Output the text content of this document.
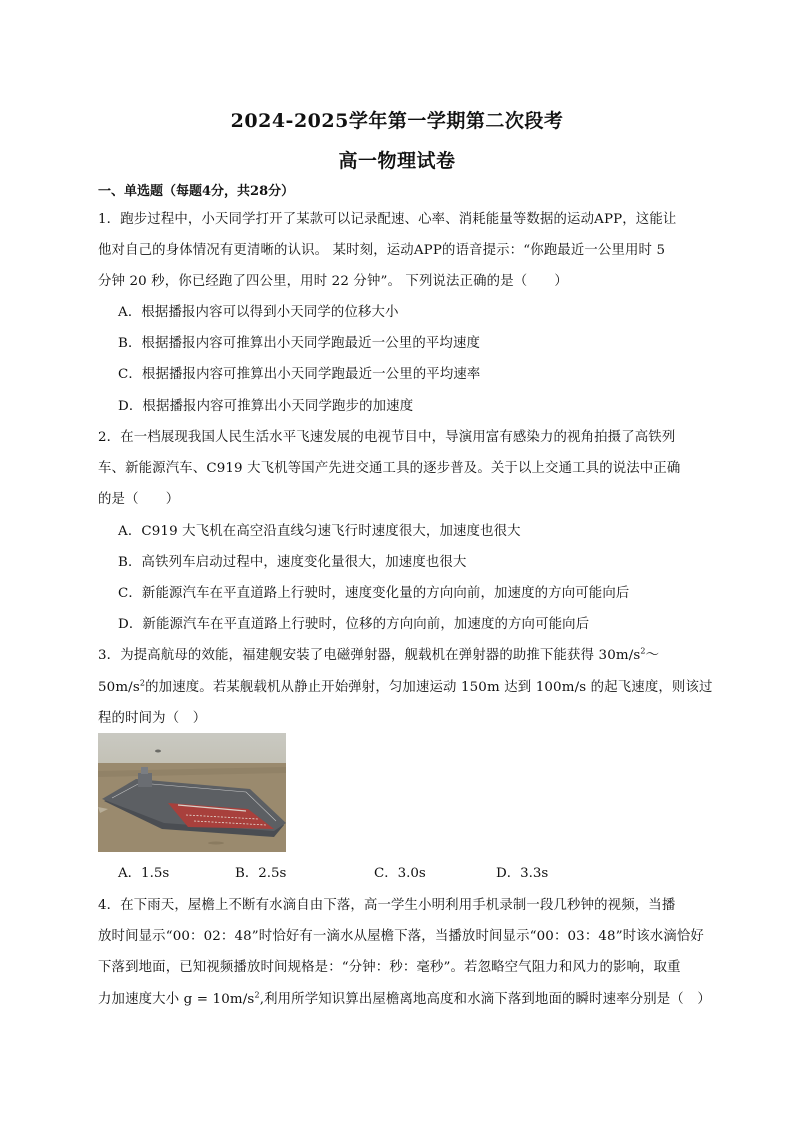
2024-2025学年第一学期第二次段考
高一物理试卷
一、单选题（每题4分，共28分）
1．跑步过程中，小天同学打开了某款可以记录配速、心率、消耗能量等数据的运动APP，这能让
他对自己的身体情况有更清晰的认识。 某时刻，运动APP的语音提示：“你跑最近一公里用时 5
分钟 20 秒，你已经跑了四公里，用时 22 分钟”。 下列说法正确的是（　　）
A．根据播报内容可以得到小天同学的位移大小
B．根据播报内容可推算出小天同学跑最近一公里的平均速度
C．根据播报内容可推算出小天同学跑最近一公里的平均速率
D．根据播报内容可推算出小天同学跑步的加速度
2．在一档展现我国人民生活水平飞速发展的电视节目中，导演用富有感染力的视角拍摄了高铁列
车、新能源汽车、C919 大飞机等国产先进交通工具的逐步普及。关于以上交通工具的说法中正确
的是（　　）
A．C919 大飞机在高空沿直线匀速飞行时速度很大，加速度也很大
B．高铁列车启动过程中，速度变化量很大，加速度也很大
C．新能源汽车在平直道路上行驶时，速度变化量的方向向前，加速度的方向可能向后
D．新能源汽车在平直道路上行驶时，位移的方向向前，加速度的方向可能向后
3．为提高航母的效能，福建舰安装了电磁弹射器，舰载机在弹射器的助推下能获得 $30m/s^2\sim$
$50m/s^2$的加速度。若某舰载机从静止开始弹射，匀加速运动 150m 达到 100m/s 的起飞速度，则该过
程的时间为（　）
A．1.5s	B．2.5s	C．3.0s	D．3.3s
4．在下雨天，屋檐上不断有水滴自由下落，高一学生小明利用手机录制一段几秒钟的视频，当播
放时间显示“00：02：48”时恰好有一滴水从屋檐下落，当播放时间显示“00：03：48”时该水滴恰好
下落到地面，已知视频播放时间规格是：“分钟：秒：毫秒”。若忽略空气阻力和风力的影响，取重
力加速度大小 $g = 10m/s^2$,利用所学知识算出屋檐离地高度和水滴下落到地面的瞬时速率分别是（　）
